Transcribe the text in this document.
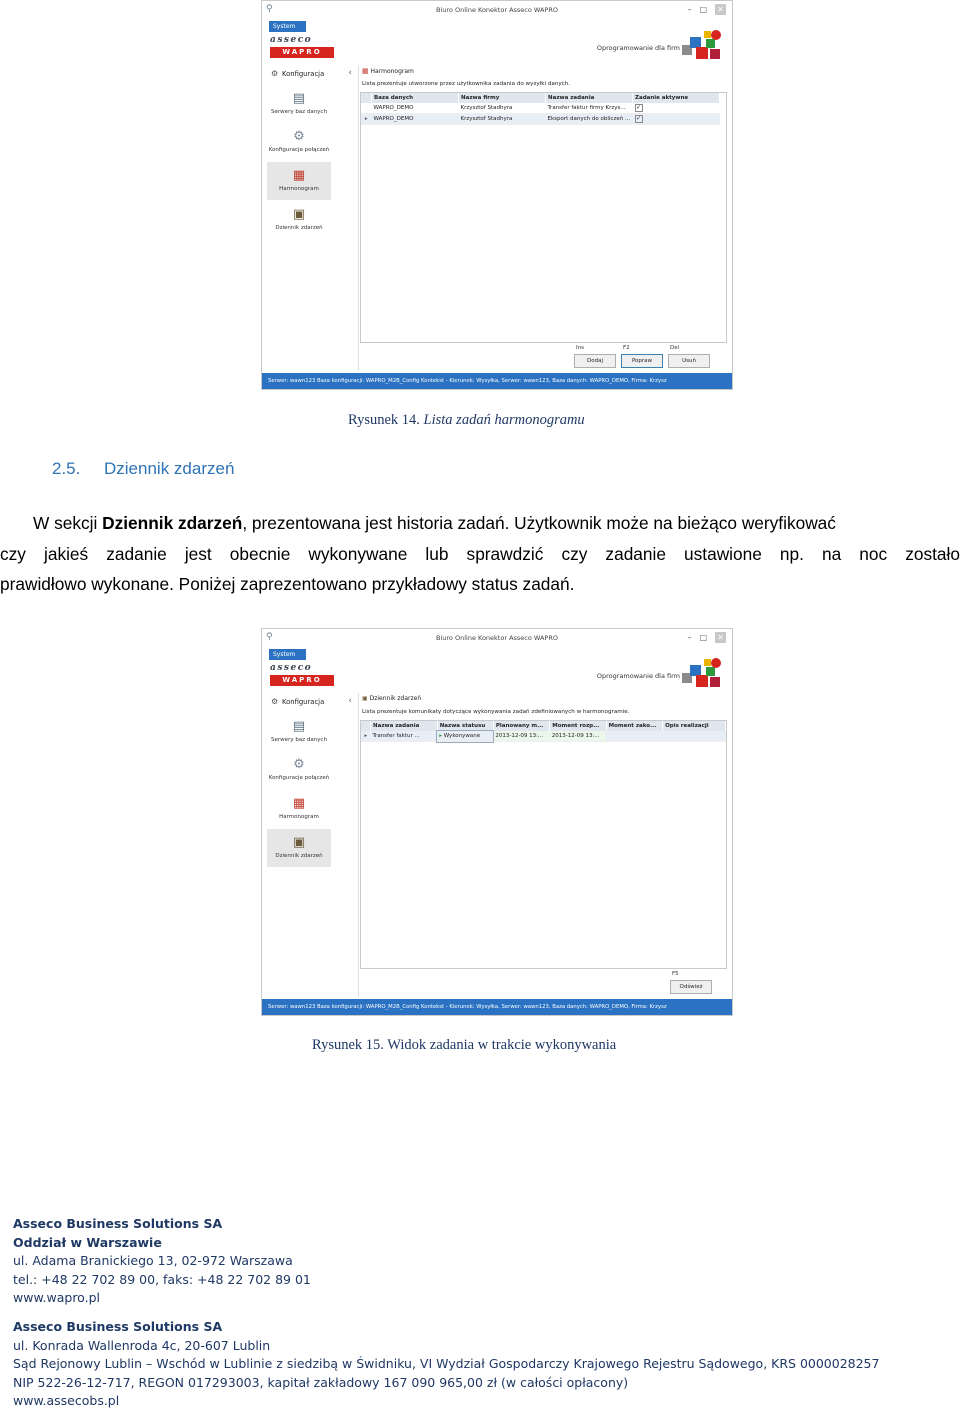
⚲	Biuro Online Konektor Asseco WAPRO	–□ ✕
System
asseco
WAPRO	Oprogramowanie dla firm
⚙ Konfiguracja	‹
▤
Serwery baz danych
⚙
Konfiguracje połączeń
▦
Harmonogram
▣
Dziennik zdarzeń
▦ Harmonogram
Lista prezentuje utworzone przez użytkownika zadania do wysyłki danych.
	Baza danych	Nazwa firmy	Nazwa zadania	Zadanie aktywne
	WAPRO_DEMO	Krzysztof Stadhyra	Transfer faktur firmy Krzys...	✓
▸	WAPRO_DEMO	Krzysztof Stadhyra	Eksport danych do obliczeń ...	✓
Ins
Dodaj
F2
Popraw
Del
Usuń
Serwer: wawn123 Baza konfiguracji: WAPRO_M2B_Config Kontekst - Kierunek: Wysyłka, Serwer: wawn123, Baza danych: WAPRO_DEMO, Firma: Krzysz
Rysunek 14. Lista zadań harmonogramu
2.5. Dziennik zdarzeń
W sekcji Dziennik zdarzeń, prezentowana jest historia zadań. Użytkownik może na bieżąco weryfikować
czy jakieś zadanie jest obecnie wykonywane lub sprawdzić czy zadanie ustawione np. na noc zostało
prawidłowo wykonane. Poniżej zaprezentowano przykładowy status zadań.
⚲	Biuro Online Konektor Asseco WAPRO	–□ ✕
System
asseco
WAPRO	Oprogramowanie dla firm
⚙ Konfiguracja	‹
▤
Serwery baz danych
⚙
Konfiguracje połączeń
▦
Harmonogram
▣
Dziennik zdarzeń
▣ Dziennik zdarzeń
Lista prezentuje komunikaty dotyczące wykonywania zadań zdefiniowanych w harmonogramie.
	Nazwa zadania	Nazwa statusu	Planowany m...	Moment rozp...	Moment zako...	Opis realizacji
▸	Transfer faktur ...	▸ Wykonywane	2013-12-09 13:...	2013-12-09 13:...		
F5
Odśwież
Serwer: wawn123 Baza konfiguracji: WAPRO_M2B_Config Kontekst - Kierunek: Wysyłka, Serwer: wawn123, Baza danych: WAPRO_DEMO, Firma: Krzysz
Rysunek 15. Widok zadania w trakcie wykonywania
Asseco Business Solutions SA
Oddział w Warszawie
ul. Adama Branickiego 13, 02-972 Warszawa
tel.: +48 22 702 89 00, faks: +48 22 702 89 01
www.wapro.pl
Asseco Business Solutions SA
ul. Konrada Wallenroda 4c, 20-607 Lublin
Sąd Rejonowy Lublin – Wschód w Lublinie z siedzibą w Świdniku, VI Wydział Gospodarczy Krajowego Rejestru Sądowego, KRS 0000028257
NIP 522-26-12-717, REGON 017293003, kapitał zakładowy 167 090 965,00 zł (w całości opłacony)
www.assecobs.pl
